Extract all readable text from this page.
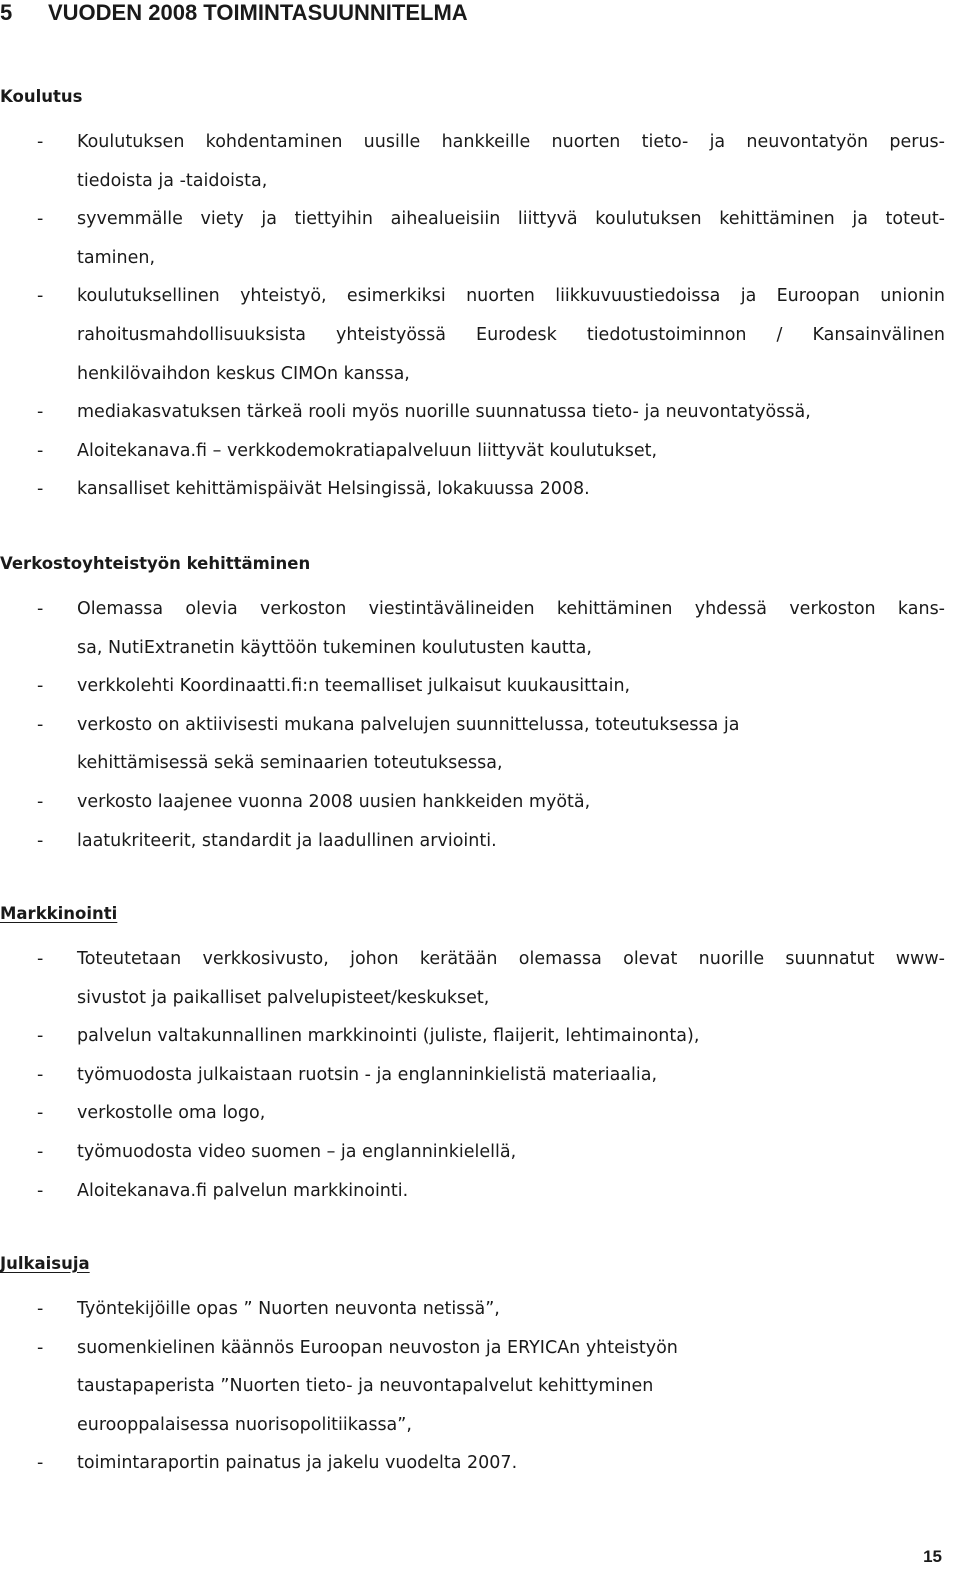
5 VUODEN 2008 TOIMINTASUUNNITELMA
Koulutus
- Koulutuksen kohdentaminen uusille hankkeille nuorten tieto- ja neuvontatyön perus-
tiedoista ja -taidoista,
- syvemmälle viety ja tiettyihin aihealueisiin liittyvä koulutuksen kehittäminen ja toteut-
taminen,
- koulutuksellinen yhteistyö, esimerkiksi nuorten liikkuvuustiedoissa ja Euroopan unionin
rahoitusmahdollisuuksista yhteistyössä Eurodesk tiedotustoiminnon / Kansainvälinen
henkilövaihdon keskus CIMOn kanssa,
- mediakasvatuksen tärkeä rooli myös nuorille suunnatussa tieto- ja neuvontatyössä,
- Aloitekanava.fi – verkkodemokratiapalveluun liittyvät koulutukset,
- kansalliset kehittämispäivät Helsingissä, lokakuussa 2008.
Verkostoyhteistyön kehittäminen
- Olemassa olevia verkoston viestintävälineiden kehittäminen yhdessä verkoston kans-
sa, NutiExtranetin käyttöön tukeminen koulutusten kautta,
- verkkolehti Koordinaatti.fi:n teemalliset julkaisut kuukausittain,
- verkosto on aktiivisesti mukana palvelujen suunnittelussa, toteutuksessa ja
kehittämisessä sekä seminaarien toteutuksessa,
- verkosto laajenee vuonna 2008 uusien hankkeiden myötä,
- laatukriteerit, standardit ja laadullinen arviointi.
Markkinointi
- Toteutetaan verkkosivusto, johon kerätään olemassa olevat nuorille suunnatut www-
sivustot ja paikalliset palvelupisteet/keskukset,
- palvelun valtakunnallinen markkinointi (juliste, flaijerit, lehtimainonta),
- työmuodosta julkaistaan ruotsin - ja englanninkielistä materiaalia,
- verkostolle oma logo,
- työmuodosta video suomen – ja englanninkielellä,
- Aloitekanava.fi palvelun markkinointi.
Julkaisuja
- Työntekijöille opas ” Nuorten neuvonta netissä”,
- suomenkielinen käännös Euroopan neuvoston ja ERYICAn yhteistyön
taustapaperista ”Nuorten tieto- ja neuvontapalvelut kehittyminen
eurooppalaisessa nuorisopolitiikassa”,
- toimintaraportin painatus ja jakelu vuodelta 2007.
15
